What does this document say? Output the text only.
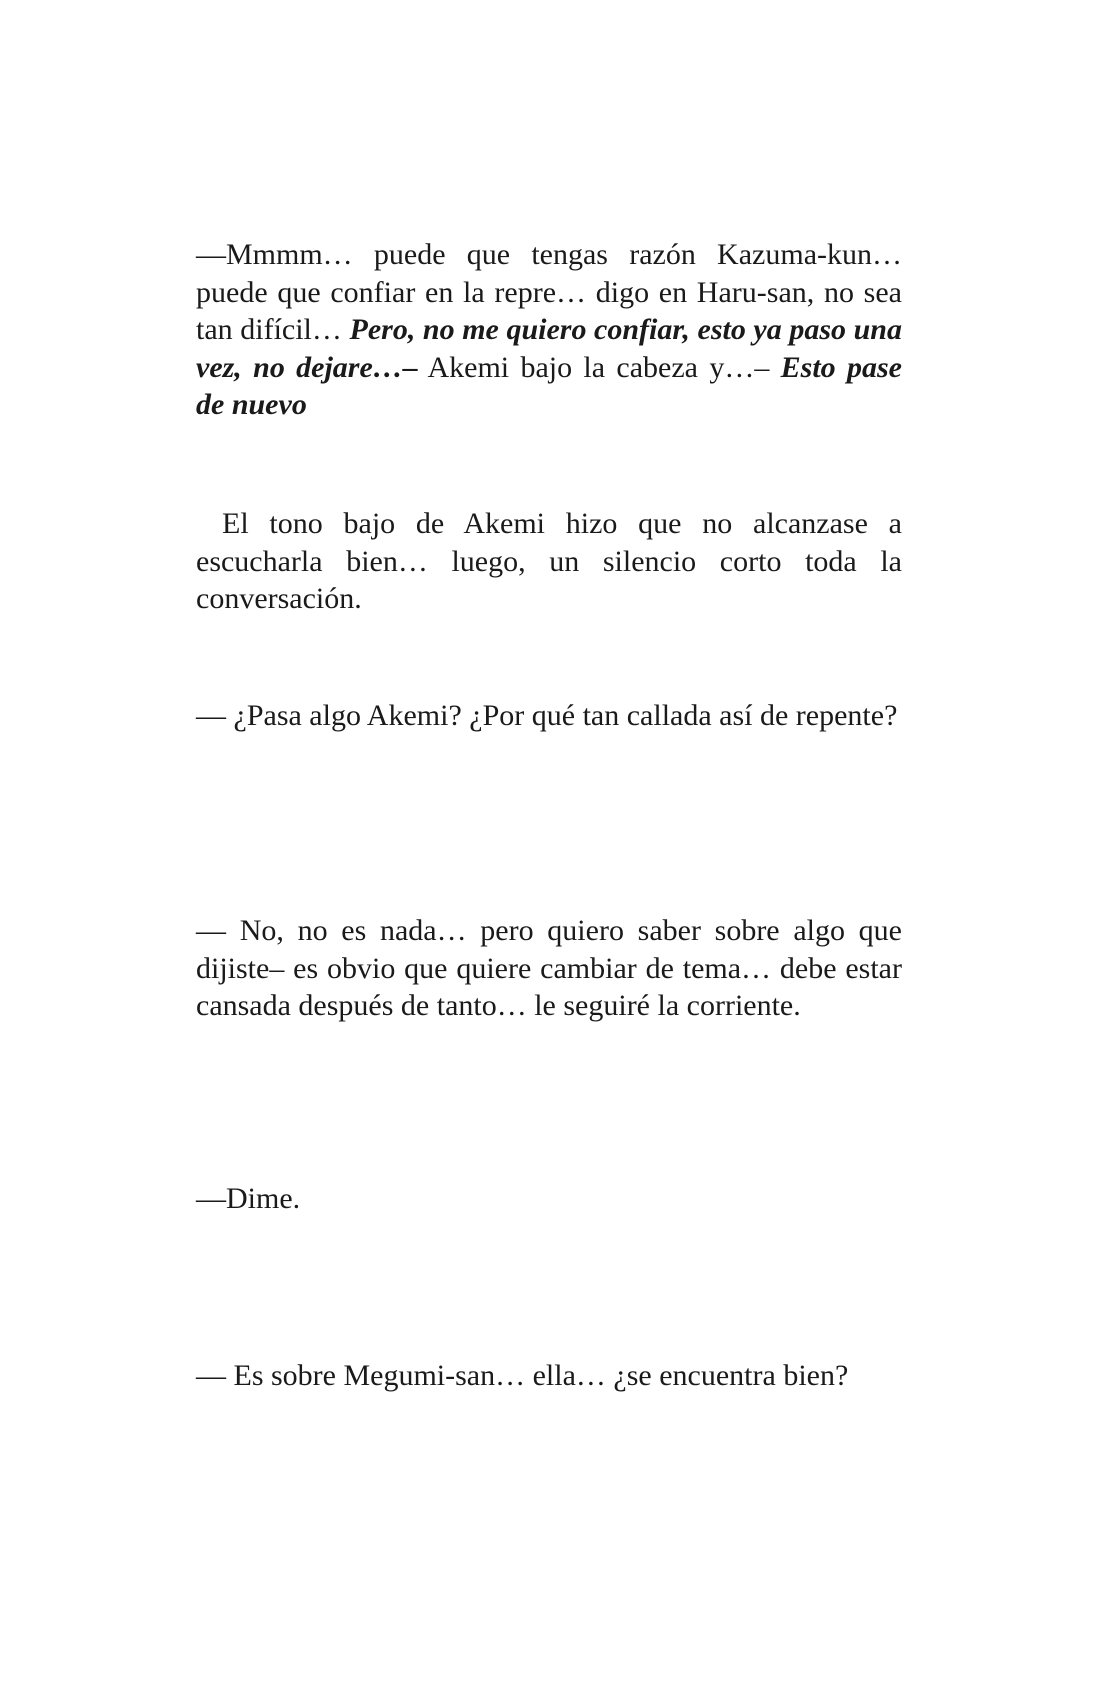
—Mmmm… puede que tengas razón Kazuma-kun… puede que confiar en la repre… digo en Haru-san, no sea tan difícil… Pero, no me quiero confiar, esto ya paso una vez, no dejare…– Akemi bajo la cabeza y…– Esto pase de nuevo

El tono bajo de Akemi hizo que no alcanzase a escucharla bien… luego, un silencio corto toda la conversación.

— ¿Pasa algo Akemi? ¿Por qué tan callada así de repente?

— No, no es nada… pero quiero saber sobre algo que dijiste– es obvio que quiere cambiar de tema… debe estar cansada después de tanto… le seguiré la corriente.

—Dime.

— Es sobre Megumi-san… ella… ¿se encuentra bien?
